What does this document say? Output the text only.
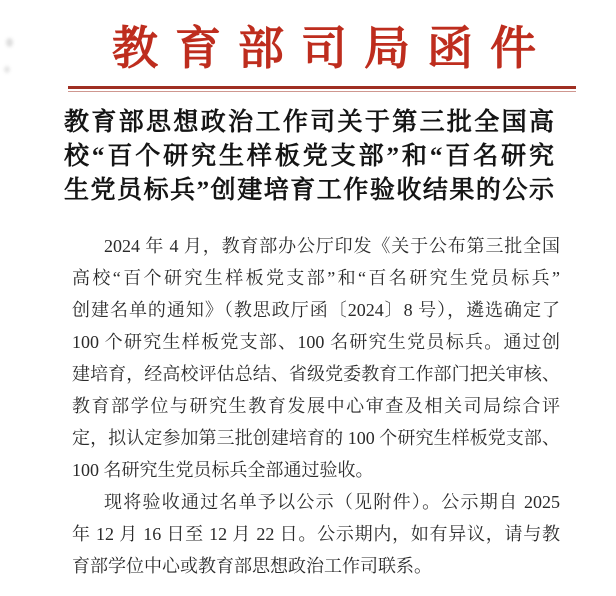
教育部司局函件
教育部思想政治工作司关于第三批全国高
校“百个研究生样板党支部”和“百名研究
生党员标兵”创建培育工作验收结果的公示
2024 年 4 月，教育部办公厅印发《关于公布第三批全国
高校“百个研究生样板党支部”和“百名研究生党员标兵”
创建名单的通知》（教思政厅函〔2024〕8 号），遴选确定了
100 个研究生样板党支部、100 名研究生党员标兵。通过创
建培育，经高校评估总结、省级党委教育工作部门把关审核、
教育部学位与研究生教育发展中心审查及相关司局综合评
定，拟认定参加第三批创建培育的 100 个研究生样板党支部、
100 名研究生党员标兵全部通过验收。
现将验收通过名单予以公示（见附件）。公示期自 2025
年 12 月 16 日至 12 月 22 日。公示期内，如有异议，请与教
育部学位中心或教育部思想政治工作司联系。
